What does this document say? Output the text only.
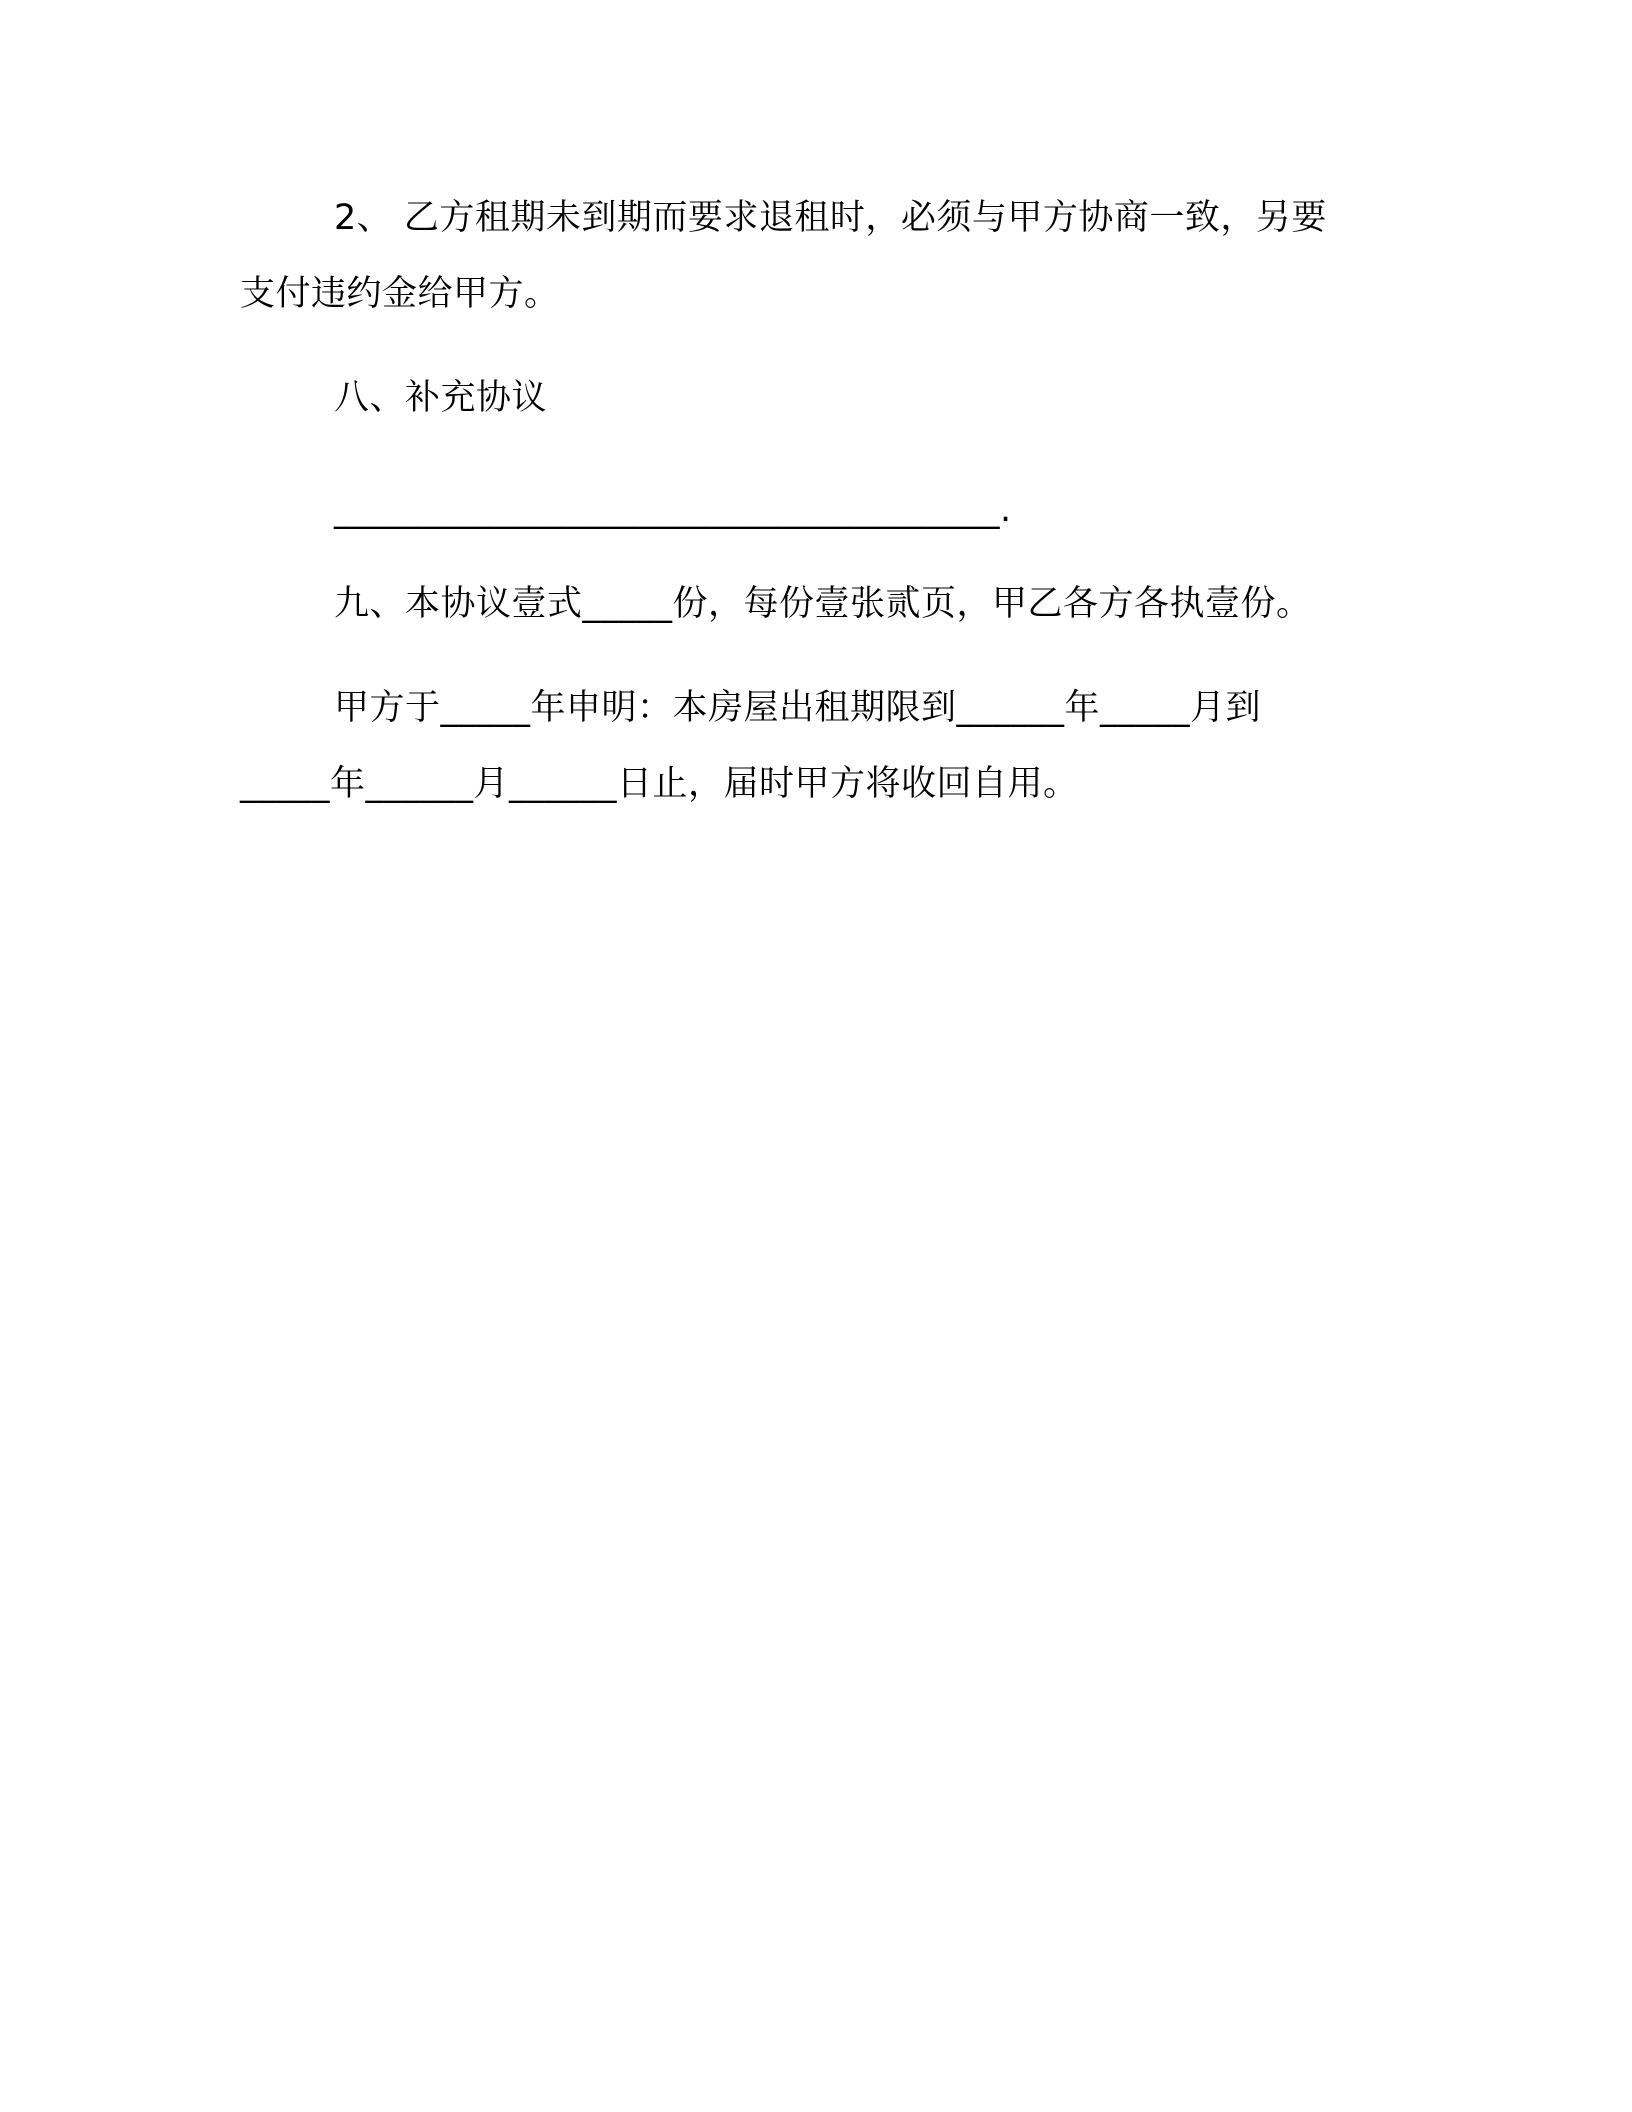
2、 乙方租期未到期而要求退租时，必须与甲方协商一致，另要

支付违约金给甲方。

八、补充协议

_____________________________________.

九、本协议壹式_____份，每份壹张贰页，甲乙各方各执壹份。

甲方于_____年申明：本房屋出租期限到______年_____月到

_____年______月______日止，届时甲方将收回自用。
